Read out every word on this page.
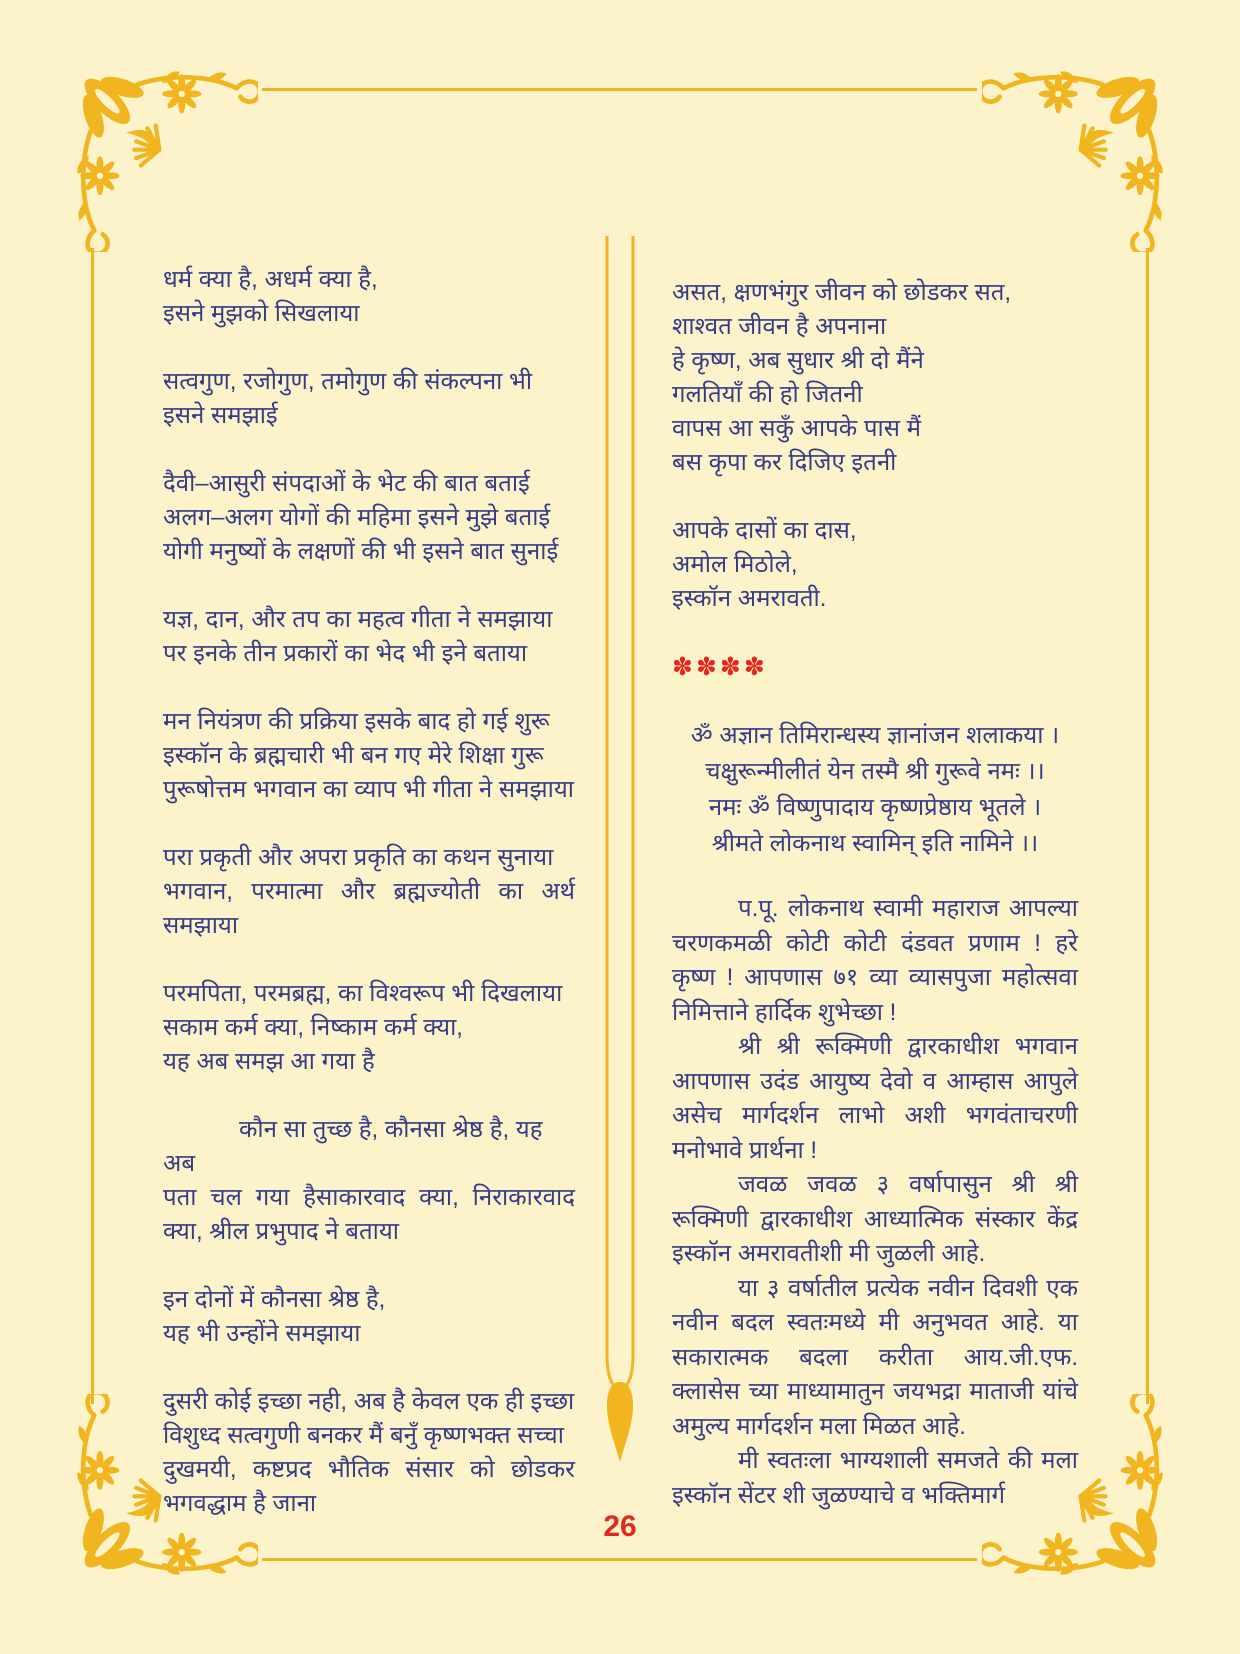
धर्म क्या है, अधर्म क्या है,
इसने मुझको सिखलाया
सत्वगुण, रजोगुण, तमोगुण की संकल्पना भी
इसने समझाई
दैवी–आसुरी संपदाओं के भेट की बात बताई
अलग–अलग योगों की महिमा इसने मुझे बताई
योगी मनुष्यों के लक्षणों की भी इसने बात सुनाई
यज्ञ, दान, और तप का महत्व गीता ने समझाया
पर इनके तीन प्रकारों का भेद भी इने बताया
मन नियंत्रण की प्रक्रिया इसके बाद हो गई शुरू
इस्कॉन के ब्रह्मचारी भी बन गए मेरे शिक्षा गुरू
पुरूषोत्तम भगवान का व्याप भी गीता ने समझाया
परा प्रकृती और अपरा प्रकृति का कथन सुनाया
भगवान, परमात्मा और ब्रह्मज्योती का अर्थ
समझाया
परमपिता, परमब्रह्म, का विश्वरूप भी दिखलाया
सकाम कर्म क्या, निष्काम कर्म क्या,
यह अब समझ आ गया है
कौन सा तुच्छ है, कौनसा श्रेष्ठ है, यह अब
पता चल गया हैसाकारवाद क्या, निराकारवाद
क्या, श्रील प्रभुपाद ने बताया
इन दोनों में कौनसा श्रेष्ठ है,
यह भी उन्होंने समझाया
दुसरी कोई इच्छा नही, अब है केवल एक ही इच्छा
विशुध्द सत्वगुणी बनकर मैं बनुँ कृष्णभक्त सच्चा
दुखमयी, कष्टप्रद भौतिक संसार को छोडकर
भगवद्धाम है जाना
असत, क्षणभंगुर जीवन को छोडकर सत,
शाश्वत जीवन है अपनाना
हे कृष्ण, अब सुधार श्री दो मैंने
गलतियाँ की हो जितनी
वापस आ सकुँ आपके पास मैं
बस कृपा कर दिजिए इतनी
आपके दासों का दास,
अमोल मिठोले,
इस्कॉन अमरावती.
✽✽✽✽
ॐ अज्ञान तिमिरान्धस्य ज्ञानांजन शलाकया ।
चक्षुरून्मीलीतं येन तस्मै श्री गुरूवे नमः ।।
नमः ॐ विष्णुपादाय कृष्णप्रेष्ठाय भूतले ।
श्रीमते लोकनाथ स्वामिन् इति नामिने ।।

प.पू. लोकनाथ स्वामी महाराज आपल्या चरणकमळी कोटी कोटी दंडवत प्रणाम ! हरे कृष्ण ! आपणास ७१ व्या व्यासपुजा महोत्सवा निमित्ताने हार्दिक शुभेच्छा !

श्री श्री रूक्मिणी द्वारकाधीश भगवान आपणास उदंड आयुष्य देवो व आम्हास आपुले असेच मार्गदर्शन लाभो अशी भगवंताचरणी मनोभावे प्रार्थना !

जवळ जवळ ३ वर्षापासुन श्री श्री रूक्मिणी द्वारकाधीश आध्यात्मिक संस्कार केंद्र इस्कॉन अमरावतीशी मी जुळली आहे.

या ३ वर्षातील प्रत्येक नवीन दिवशी एक नवीन बदल स्वतःमध्ये मी अनुभवत आहे. या सकारात्मक बदला करीता आय.जी.एफ. क्लासेस च्या माध्यामातुन जयभद्रा माताजी यांचे अमुल्य मार्गदर्शन मला मिळत आहे.

मी स्वतःला भाग्यशाली समजते की मला इस्कॉन सेंटर शी जुळण्याचे व भक्तिमार्ग

26
